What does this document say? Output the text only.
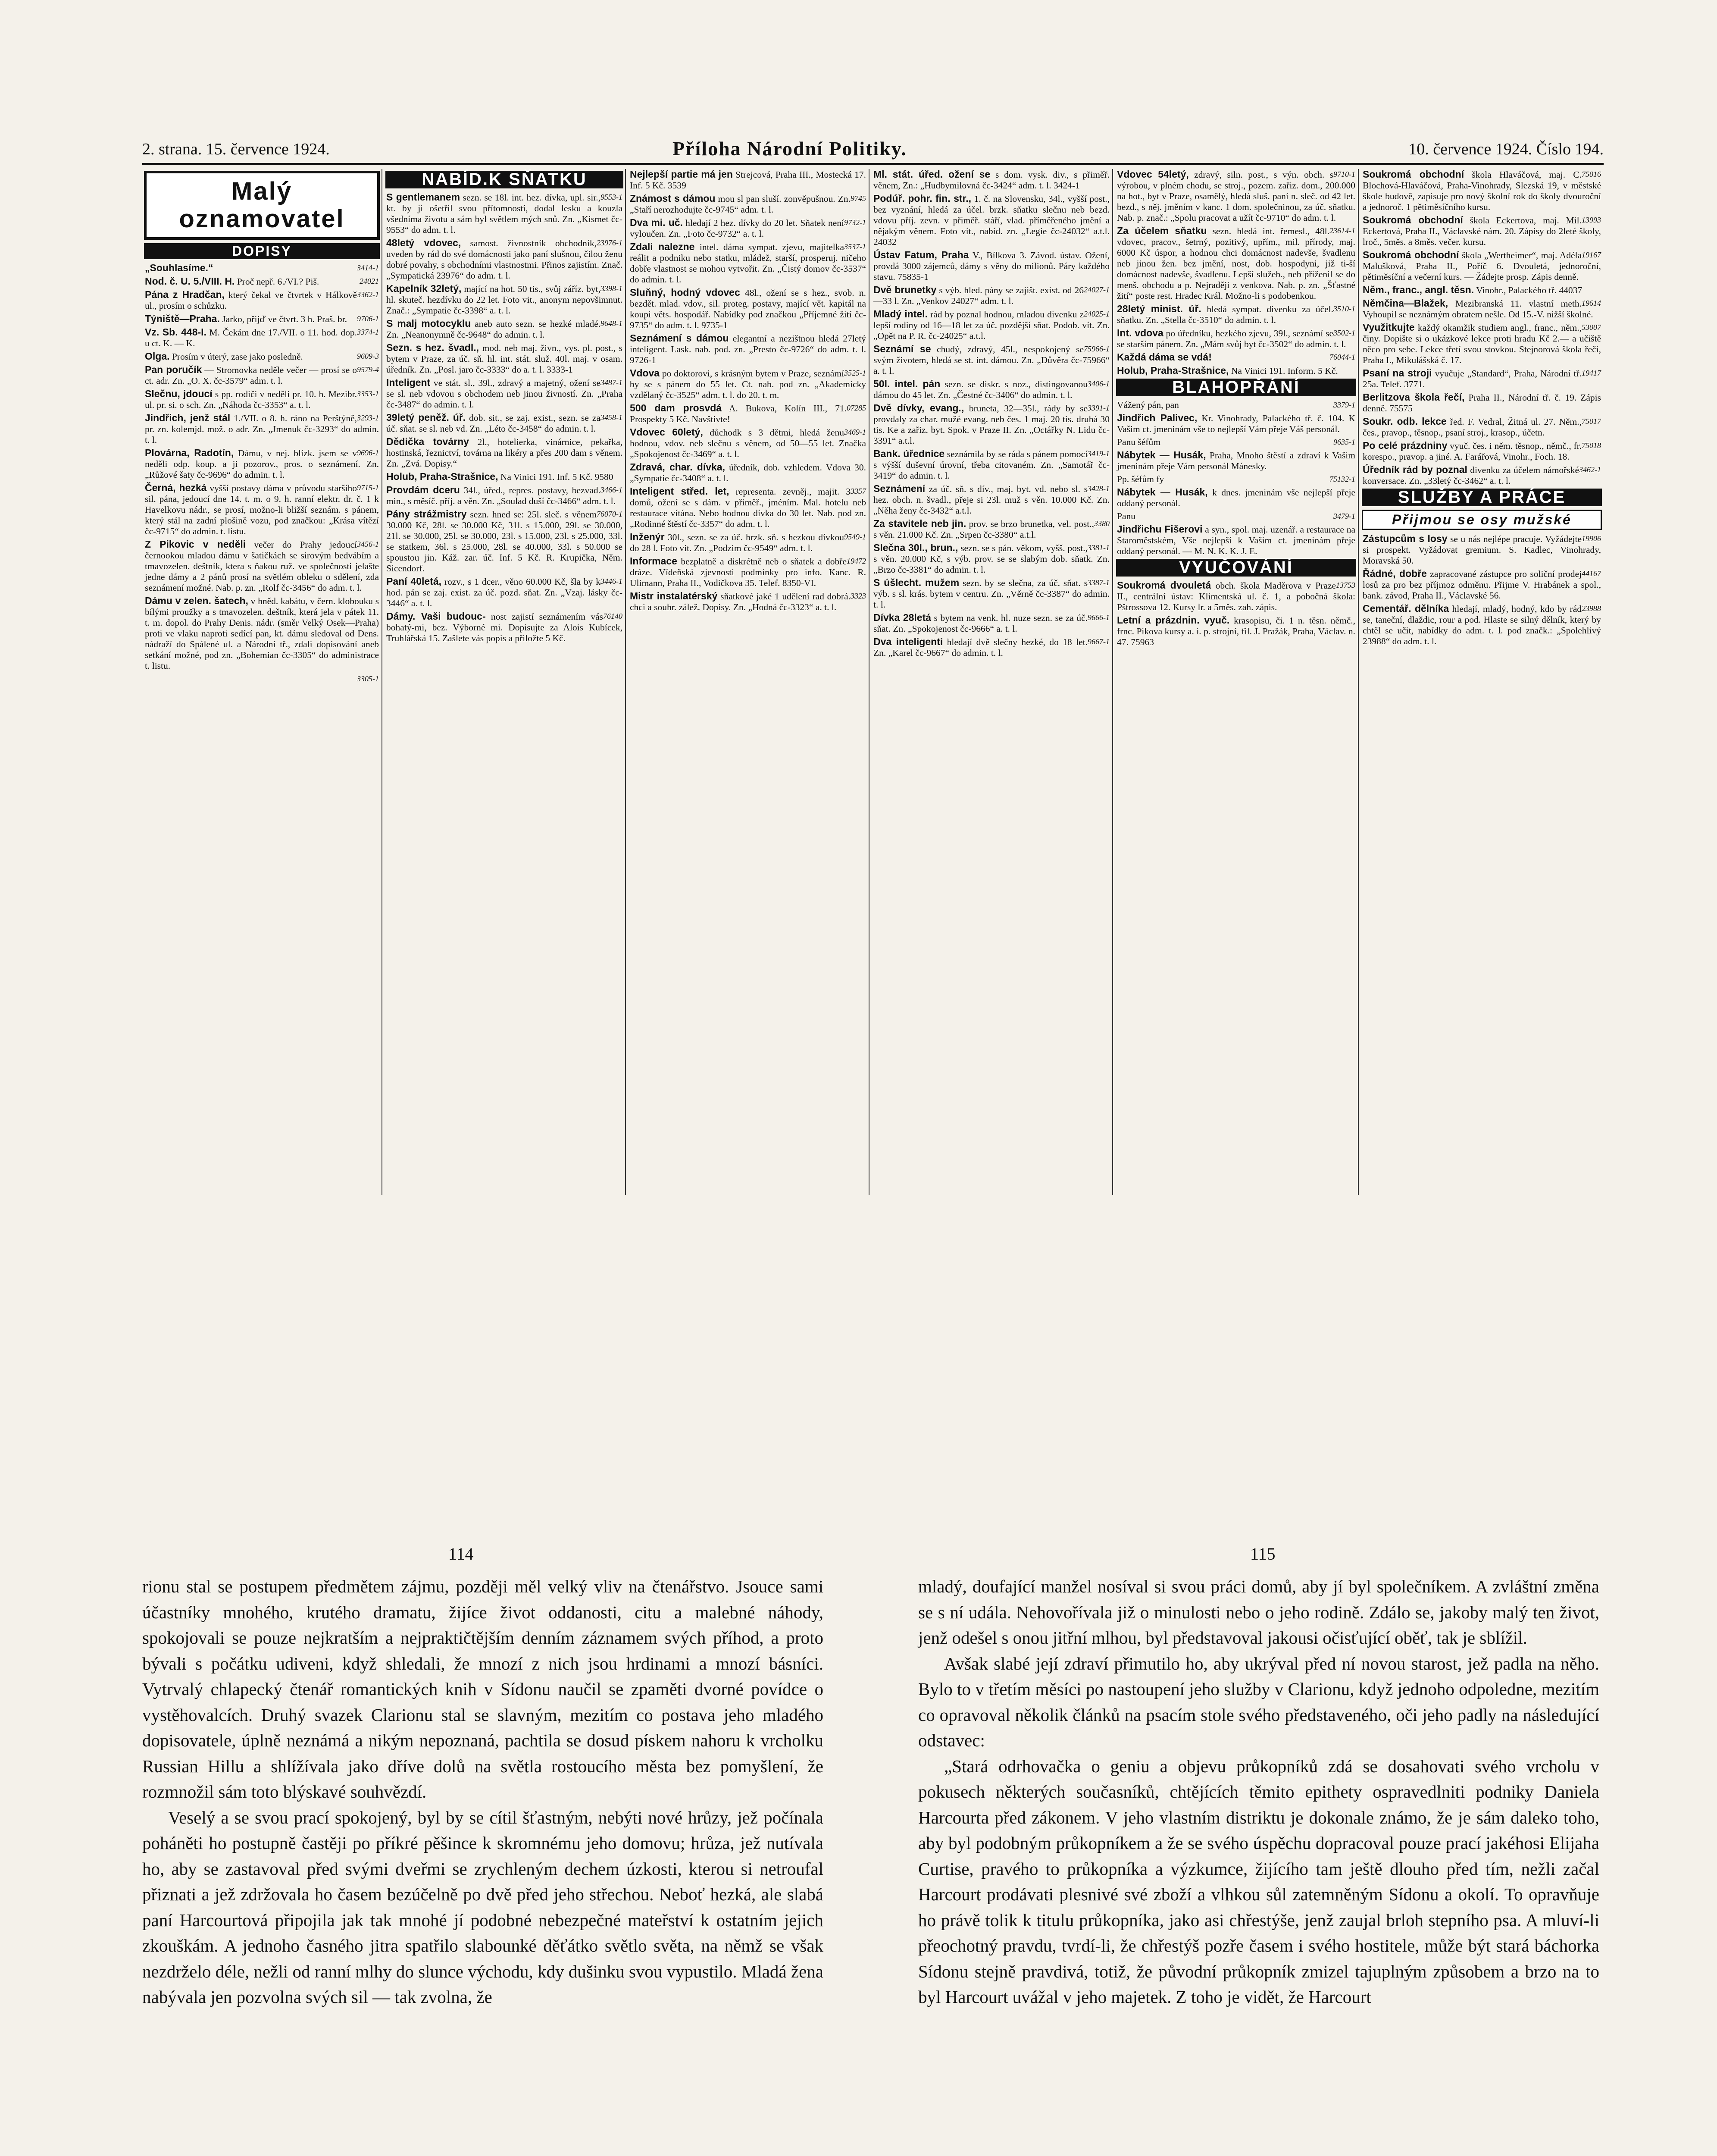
2. strana. 15. července 1924.	Příloha Národní Politiky.	10. července 1924. Číslo 194.
Malý oznamovatel
DOPISY
3414-1
„Souhlasíme.“
24021
Nod. č. U. 5./VIII. H. Proč nepř. 6./VI.? Piš.
3362-1
Pána z Hradčan, který čekal ve čtvrtek v Hálkově ul., prosím o schůzku.
9706-1
Týniště—Praha. Jarko, přijď ve čtvrt. 3 h. Praš. br.
3374-1
Vz. Sb. 448-I. M. Čekám dne 17./VII. o 11. hod. dop. u ct. K. — K.
9609-3
Olga. Prosím v úterý, zase jako posledně.
9579-4
Pan poručík — Stromovka neděle večer — prosí se o ct. adr. Zn. „O. X. čc-3579“ adm. t. l.
3353-1
Slečnu, jdoucí s pp. rodiči v neděli pr. 10. h. Mezibr. ul. pr. si. o sch. Zn. „Náhoda čc-3353“ a. t. l.
3293-1
Jindřich, jenž stál 1./VII. o 8. h. ráno na Perštýně, pr. zn. kolemjd. mož. o adr. Zn. „Jmenuk čc-3293“ do admin. t. l.
9696-1
Plovárna, Radotín, Dámu, v nej. blízk. jsem se v neděli odp. koup. a ji pozorov., pros. o seznámení. Zn. „Růžové šaty čc-9696“ do admin. t. l.
9715-1
Černá, hezká vyšší postavy dáma v průvodu staršího sil. pána, jedoucí dne 14. t. m. o 9. h. ranní elektr. dr. č. 1 k Havelkovu nádr., se prosí, možno-li bližší seznám. s pánem, který stál na zadní plošině vozu, pod značkou: „Krása vítězí čc-9715“ do admin. t. listu.
3456-1
Z Pikovic v neděli večer do Prahy jedoucí černookou mladou dámu v šatičkách se sirovým bedvábím a tmavozelen. deštník, ktera s ňakou ruž. ve společnosti jelašte jedne dámy a 2 pánů prosí na světlém obleku o sdělení, zda seznámení možné. Nab. p. zn. „Rolf čc-3456“ do adm. t. l.
Dámu v zelen. šatech, v hněd. kabátu, v čern. klobouku s bílými proužky a s tmavozelen. deštník, která jela v pátek 11. t. m. dopol. do Prahy Denis. nádr. (směr Velký Osek—Praha) proti ve vlaku naproti sedící pan, kt. dámu sledoval od Dens. nádraží do Spálené ul. a Národní tř., zdali dopisování aneb setkání možné, pod zn. „Bohemian čc-3305“ do administrace t. listu.
3305-1

NABÍD.K SŇATKU
9553-1
S gentlemanem sezn. se 18l. int. hez. dívka, upl. sir., kt. by ji ošetřil svou přítomností, dodal lesku a kouzla všedníma životu a sám byl světlem mých snů. Zn. „Kismet čc-9553“ do adm. t. l.
23976-1
48letý vdovec, samost. živnostník obchodník, uveden by rád do své domácnosti jako paní slušnou, čilou ženu dobré povahy, s obchodními vlastnostmi. Přinos zajistím. Znač. „Sympatická 23976“ do adm. t. l.
3398-1
Kapelník 32letý, mající na hot. 50 tis., svůj záříz. byt, hl. skuteč. hezdívku do 22 let. Foto vit., anonym nepovšimnut. Znač.: „Sympatie čc-3398“ a. t. l.
9648-1
S malj motocyklu aneb auto sezn. se hezké mladé. Zn. „Neanonymně čc-9648“ do admin. t. l.
Sezn. s hez. švadl., mod. neb maj. živn., vys. pl. post., s bytem v Praze, za úč. sň. hl. int. stát. služ. 40l. maj. v osam. úředník. Zn. „Posl. jaro čc-3333“ do a. t. l. 3333-1
3487-1
Inteligent ve stát. sl., 39l., zdravý a majetný, ožení se se sl. neb vdovou s obchodem neb jinou živností. Zn. „Praha čc-3487“ do admin. t. l.
3458-1
39letý peněž. úř. dob. sit., se zaj. exist., sezn. se za úč. sňat. se sl. neb vd. Zn. „Léto čc-3458“ do admin. t. l.
Dědička továrny 2l., hotelierka, vinárnice, pekařka, hostinská, řeznictví, továrna na likéry a přes 200 dam s věnem. Zn. „Zvá. Dopisy.“
Holub, Praha-Strašnice, Na Vinici 191. Inf. 5 Kč. 9580
3466-1
Provdám dceru 34l., úřed., repres. postavy, bezvad. min., s měsíč. příj. a věn. Zn. „Soulad duší čc-3466“ adm. t. l.
76070-1
Pány strážmistry sezn. hned se: 25l. sleč. s věnem 30.000 Kč, 28l. se 30.000 Kč, 31l. s 15.000, 29l. se 30.000, 21l. se 30.000, 25l. se 30.000, 23l. s 15.000, 23l. s 25.000, 33l. se statkem, 36l. s 25.000, 28l. se 40.000, 33l. s 50.000 se spoustou jin. Káž. zar. úč. Inf. 5 Kč. R. Krupička, Něm. Sicendorf.
3446-1
Paní 40letá, rozv., s 1 dcer., věno 60.000 Kč, šla by k hod. pán se zaj. exist. za úč. pozd. sňat. Zn. „Vzaj. lásky čc-3446“ a. t. l.
76140
Dámy. Vaši budouc- nost zajistí seznámením vás bohatý-mi, bez. Výborné mi. Dopisujte za Alois Kubícek, Truhlářská 15. Zašlete vás popis a přiložte 5 Kč.
Nejlepší partie má jen Strejcová, Praha III., Mostecká 17. Inf. 5 Kč. 3539
9745
Známost s dámou mou sl pan sluší. zonvěpušnou. Zn. „Staří nerozhodujte čc-9745“ adm. t. l.
9732-1
Dva mi. uč. hledají 2 hez. dívky do 20 let. Sňatek není vyloučen. Zn. „Foto čc-9732“ a. t. l.
3537-1
Zdali nalezne intel. dáma sympat. zjevu, majitelka reálit a podniku nebo statku, mládež, starší, prosperuj. ničeho dobře vlastnost se mohou vytvořit. Zn. „Čistý domov čc-3537“ do admin. t. l.
Sluňný, hodný vdovec 48l., ožení se s hez., svob. n. bezdět. mlad. vdov., sil. proteg. postavy, mající vět. kapitál na koupi věts. hospodář. Nabídky pod značkou „Příjemné žití čc-9735“ do adm. t. l. 9735-1
Seznámení s dámou elegantní a nezištnou hledá 27letý inteligent. Lask. nab. pod. zn. „Presto čc-9726“ do adm. t. l. 9726-1
3525-1
Vdova po doktorovi, s krásným bytem v Praze, seznámí by se s pánem do 55 let. Ct. nab. pod zn. „Akademicky vzdělaný čc-3525“ adm. t. l. do 20. t. m.
07285
500 dam prosvdá A. Bukova, Kolín III., 71. Prospekty 5 Kč. Navštivte!
3469-1
Vdovec 60letý, důchodk s 3 dětmi, hledá ženu hodnou, vdov. neb slečnu s věnem, od 50—55 let. Značka „Spokojenost čc-3469“ a. t. l.
Zdravá, char. dívka, úředník, dob. vzhledem. Vdova 30. „Sympatie čc-3408“ a. t. l.
3357
Inteligent střed. let, representa. zevněj., majit. 3 domů, ožení se s dám. v přiměř., jméním. Mal. hotelu neb restaurace vítána. Nebo hodnou dívka do 30 let. Nab. pod zn. „Rodinné štěstí čc-3357“ do adm. t. l.
9549-1
Inženýr 30l., sezn. se za úč. brzk. sň. s hezkou dívkou do 28 l. Foto vit. Zn. „Podzim čc-9549“ adm. t. l.
19472
Informace bezplatně a diskrétně neb o sňatek a dobře dráze. Vídeňská zjevnosti podmínky pro info. Kanc. R. Ulimann, Praha II., Vodičkova 35. Telef. 8350-VI.
3323
Mistr instalatérský sňatkové jaké 1 udělení rad dobrá. chci a souhr. zálež. Dopisy. Zn. „Hodná čc-3323“ a. t. l.
Ml. stát. úřed. ožení se s dom. vysk. div., s přiměř. věnem, Zn.: „Hudbymilovná čc-3424“ adm. t. l. 3424-1
Podúř. pohr. fin. str., 1. č. na Slovensku, 34l., vyšší post., bez vyznání, hledá za účel. brzk. sňatku slečnu neb bezd. vdovu příj. zevn. v přiměř. stáří, vlad. příměřeného jmění a nějakým věnem. Foto vít., nabíd. zn. „Legie čc-24032“ a.t.l. 24032
Ústav Fatum, Praha V., Bílkova 3. Závod. ústav. Ožení, provdá 3000 zájemců, dámy s věny do milionů. Páry každého stavu. 75835-1
24027-1
Dvě brunetky s výb. hled. pány se zajišt. exist. od 26—33 l. Zn. „Venkov 24027“ adm. t. l.
24025-1
Mladý intel. rád by poznal hodnou, mladou divenku z lepší rodiny od 16—18 let za úč. pozdější sňat. Podob. vít. Zn. „Opět na P. R. čc-24025“ a.t.l.
75966-1
Seznámí se chudý, zdravý, 45l., nespokojený se svým životem, hledá se st. int. dámou. Zn. „Důvěra čc-75966“ a. t. l.
3406-1
50l. intel. pán sezn. se diskr. s noz., distingovanou dámou do 45 let. Zn. „Čestné čc-3406“ do admin. t. l.
3391-1
Dvě dívky, evang., bruneta, 32—35l., rády by se provdaly za char. mužé evang. neb čes. 1 maj. 20 tis. druhá 30 tis. Ke a zařiz. byt. Spok. v Praze II. Zn. „Octářky N. Lidu čc-3391“ a.t.l.
3419-1
Bank. úřednice seznámila by se ráda s pánem pomocí s výšší duševní úrovní, třeba citovaném. Zn. „Samotář čc-3419“ do admin. t. l.
3428-1
Seznámení za úč. sň. s dív., maj. byt. vd. nebo sl. s hez. obch. n. švadl., přeje si 23l. muž s věn. 10.000 Kč. Zn. „Něha ženy čc-3432“ a.t.l.
3380
Za stavitele neb jin. prov. se brzo brunetka, vel. post., s věn. 21.000 Kč. Zn. „Srpen čc-3380“ a.t.l.
3381-1
Slečna 30l., brun., sezn. se s pán. věkom, vyšš. post., s věn. 20.000 Kč, s výb. prov. se se slabým dob. sňatk. Zn. „Brzo čc-3381“ do admin. t. l.
3387-1
S úšlecht. mužem sezn. by se slečna, za úč. sňat. s výb. s sl. krás. bytem v centru. Zn. „Věrně čc-3387“ do admin. t. l.
9666-1
Dívka 28letá s bytem na venk. hl. nuze sezn. se za úč. sňat. Zn. „Spokojenost čc-9666“ a. t. l.
9667-1
Dva inteligenti hledají dvě slečny hezké, do 18 let. Zn. „Karel čc-9667“ do admin. t. l.
9710-1
Vdovec 54letý, zdravý, siln. post., s výn. obch. s výrobou, v plném chodu, se stroj., pozem. zařiz. dom., 200.000 na hot., byt v Praze, osamělý, hledá sluš. paní n. sleč. od 42 let. bezd., s něj. jměním v kanc. 1 dom. společninou, za úč. sňatku. Nab. p. znač.: „Spolu pracovat a užít čc-9710“ do adm. t. l.
23614-1
Za účelem sňatku sezn. hledá int. řemesl., 48l. vdovec, pracov., šetrný, pozitivý, upřím., mil. přírody, maj. 6000 Kč úspor, a hodnou chci domácnost nadevše, švadlenu neb jinou žen. bez jmění, nost, dob. hospodyni, již ti-ší domácnost nadevše, švadlenu. Lepší služeb., neb přiženil se do menš. obchodu a p. Nejraději z venkova. Nab. p. zn. „Šťastné žití“ poste rest. Hradec Král. Možno-li s podobenkou.
3510-1
28letý minist. úř. hledá sympat. divenku za účel. sňatku. Zn. „Stella čc-3510“ do admin. t. l.
3502-1
Int. vdova po úředníku, hezkého zjevu, 39l., seznámí se se starším pánem. Zn. „Mám svůj byt čc-3502“ do admin. t. l.
76044-1
Každá dáma se vdá!
Holub, Praha-Strašnice, Na Vinici 191. Inform. 5 Kč.
BLAHOPŘÁNÍ
3379-1
Vážený pán, pan
Jindřich Palivec, Kr. Vinohrady, Palackého tř. č. 104. K Vašim ct. jmeninám vše to nejlepší Vám přeje Váš personál.
9635-1
Panu šéfům
Nábytek — Husák, Praha, Mnoho štěstí a zdraví k Vašim jmeninám přeje Vám personál Mánesky.
75132-1
Pp. šéfům fy
Nábytek — Husák, k dnes. jmeninám vše nejlepší přeje oddaný personál.
3479-1
Panu
Jindřichu Fišerovi a syn., spol. maj. uzenář. a restaurace na Staroměstském, Vše nejlepší k Vašim ct. jmeninám přeje oddaný personál. — M. N. K. K. J. E.
VYUČOVÁNÍ
13753
Soukromá dvouletá obch. škola Maděrova v Praze II., centrální ústav: Klimentská ul. č. 1, a pobočná škola: Pštrossova 12. Kursy lr. a 5měs. zah. zápis.
Letní a prázdnin. vyuč. krasopisu, či. 1 n. těsn. němč., frnc. Pikova kursy a. i. p. strojní, fil. J. Pražák, Praha, Václav. n. 47. 75963
75016
Soukromá obchodní škola Hlaváčová, maj. C. Blochová-Hlaváčová, Praha-Vinohrady, Slezská 19, v městské škole budově, zapisuje pro nový školní rok do školy dvouroční a jednoroč. 1 pětiměsíčního kursu.
13993
Soukromá obchodní škola Eckertova, maj. Mil. Eckertová, Praha II., Václavské nám. 20. Zápisy do 2leté školy, lroč., 5měs. a 8měs. večer. kursu.
19167
Soukromá obchodní škola „Wertheimer“, maj. Adéla Malušková, Praha II., Poříč 6. Dvouletá, jednoroční, pětiměsíční a večerní kurs. — Žádejte prosp. Zápis denně.
Něm., franc., angl. těsn. Vinohr., Palackého tř. 44037
19614
Němčina—Blažek, Mezibranská 11. vlastní meth. Vyhoupil se neznámým obratem nešle. Od 15.-V. nižší školné.
53007
Využitkujte každý okamžik studiem angl., franc., něm., činy. Dopište si o ukázkové lekce proti hradu Kč 2.— a učiště něco pro sebe. Lekce třetí svou stovkou. Stejnorová škola řeči, Praha I., Mikulášská č. 17.
19417
Psaní na stroji vyučuje „Standard“, Praha, Národní tř. 25a. Telef. 3771.
Berlitzova škola řečí, Praha II., Národní tř. č. 19. Zápis denně. 75575
75017
Soukr. odb. lekce řed. F. Vedral, Žitná ul. 27. Něm., čes., pravop., těsnop., psaní stroj., krasop., účetn.
75018
Po celé prázdniny vyuč. čes. i něm. těsnop., němč., fr. korespo., pravop. a jiné. A. Farářová, Vinohr., Foch. 18.
3462-1
Úředník rád by poznal divenku za účelem námořské konversace. Zn. „33letý čc-3462“ a. t. l.
SLUŽBY A PRÁCE
Přijmou se osy mužské
19906
Zástupcům s losy se u nás nejlépe pracuje. Vyžádejte si prospekt. Vyžádovat gremium. S. Kadlec, Vinohrady, Moravská 50.
44167
Řádné, dobře zapracované zástupce pro soliční prodej losů za pro bez příjmoz odměnu. Přijme V. Hrabánek a spol., bank. závod, Praha II., Václavské 56.
23988
Cementář. dělníka hledají, mladý, hodný, kdo by rád se, taneční, dlaždic, rour a pod. Hlaste se silný dělník, který by chtěl se učit, nabídky do adm. t. l. pod značk.: „Spolehlivý 23988“ do adm. t. l.
114	115

rionu stal se postupem předmětem zájmu, později měl velký vliv na čtenářstvo. Jsouce sami účastníky mnohého, krutého dramatu, žijíce život oddanosti, citu a malebné náhody, spokojovali se pouze nejkratším a nejpraktičtějším denním záznamem svých příhod, a proto bývali s počátku udiveni, když shledali, že mnozí z nich jsou hrdinami a mnozí básníci. Vytrvalý chlapecký čtenář romantických knih v Sídonu naučil se zpaměti dvorné povídce o vystěhovalcích. Druhý svazek Clarionu stal se slavným, mezitím co postava jeho mladého dopisovatele, úplně neznámá a nikým nepoznaná, pachtila se dosud pískem nahoru k vrcholku Russian Hillu a shlížívala jako dříve dolů na světla rostoucího města bez pomyšlení, že rozmnožil sám toto blýskavé souhvězdí.

Veselý a se svou prací spokojený, byl by se cítil šťastným, nebýti nové hrůzy, jež počínala poháněti ho postupně častěji po příkré pěšince k skromnému jeho domovu; hrůza, jež nutívala ho, aby se zastavoval před svými dveřmi se zrychleným dechem úzkosti, kterou si netroufal přiznati a jež zdržovala ho časem bezúčelně po dvě před jeho střechou. Neboť hezká, ale slabá paní Harcourtová připojila jak tak mnohé jí podobné nebezpečné mateřství k ostatním jejich zkouškám. A jednoho časného jitra spatřilo slabounké děťátko světlo světa, na němž se však nezdrželo déle, nežli od ranní mlhy do slunce východu, kdy dušinku svou vypustilo. Mladá žena nabývala jen pozvolna svých sil — tak zvolna, že

mladý, doufající manžel nosíval si svou práci domů, aby jí byl společníkem. A zvláštní změna se s ní udála. Nehovořívala již o minulosti nebo o jeho rodině. Zdálo se, jakoby malý ten život, jenž odešel s onou jitřní mlhou, byl představoval jakousi očisťující oběť, tak je sblížil.

Avšak slabé její zdraví přimutilo ho, aby ukrýval před ní novou starost, jež padla na něho. Bylo to v třetím měsíci po nastoupení jeho služby v Clarionu, když jednoho odpoledne, mezitím co opravoval několik článků na psacím stole svého představeného, oči jeho padly na následující odstavec:

„Stará odrhovačka o geniu a objevu průkopníků zdá se dosahovati svého vrcholu v pokusech některých současníků, chtějících těmito epithety ospravedlniti podniky Daniela Harcourta před zákonem. V jeho vlastním distriktu je dokonale známo, že je sám daleko toho, aby byl podobným průkopníkem a že se svého úspěchu dopracoval pouze prací jakéhosi Elijaha Curtise, pravého to průkopníka a výzkumce, žijícího tam ještě dlouho před tím, nežli začal Harcourt prodávati plesnivé své zboží a vlhkou sůl zatemněným Sídonu a okolí. To opravňuje ho právě tolik k titulu průkopníka, jako asi chřestýše, jenž zaujal brloh stepního psa. A mluví-li přeochotný pravdu, tvrdí-li, že chřestýš pozře časem i svého hostitele, může být stará báchorka Sídonu stejně pravdivá, totiž, že původní průkopník zmizel tajuplným způsobem a brzo na to byl Harcourt uvážal v jeho majetek. Z toho je vidět, že Harcourt
